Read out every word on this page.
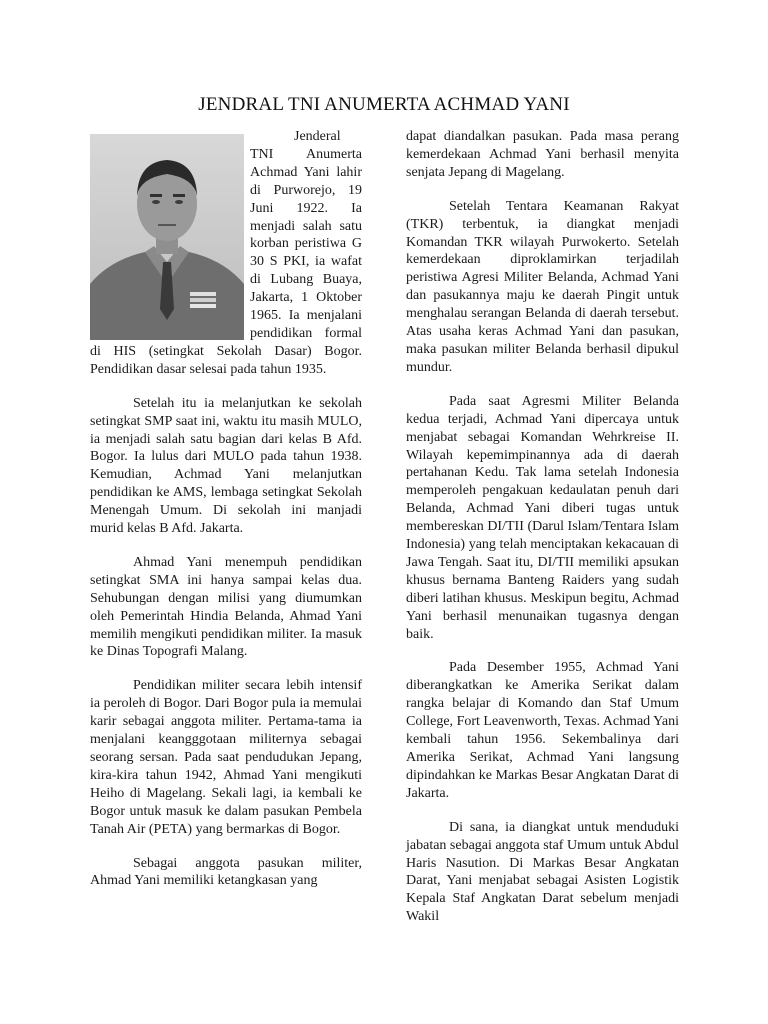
JENDRAL TNI ANUMERTA ACHMAD YANI

Jenderal TNI Anumerta Achmad Yani lahir di Purworejo, 19 Juni 1922. Ia menjadi salah satu korban peristiwa G 30 S PKI, ia wafat di Lubang Buaya, Jakarta, 1 Oktober 1965. Ia menjalani pendidikan formal di HIS (setingkat Sekolah Dasar) Bogor. Pendidikan dasar selesai pada tahun 1935.

Setelah itu ia melanjutkan ke sekolah setingkat SMP saat ini, waktu itu masih MULO, ia menjadi salah satu bagian dari kelas B Afd. Bogor. Ia lulus dari MULO pada tahun 1938. Kemudian, Achmad Yani melanjutkan pendidikan ke AMS, lembaga setingkat Sekolah Menengah Umum. Di sekolah ini manjadi murid kelas B Afd. Jakarta.

Ahmad Yani menempuh pendidikan setingkat SMA ini hanya sampai kelas dua. Sehubungan dengan milisi yang diumumkan oleh Pemerintah Hindia Belanda, Ahmad Yani memilih mengikuti pendidikan militer. Ia masuk ke Dinas Topografi Malang.

Pendidikan militer secara lebih intensif ia peroleh di Bogor. Dari Bogor pula ia memulai karir sebagai anggota militer. Pertama-tama ia menjalani keangggotaan militernya sebagai seorang sersan. Pada saat pendudukan Jepang, kira-kira tahun 1942, Ahmad Yani mengikuti Heiho di Magelang. Sekali lagi, ia kembali ke Bogor untuk masuk ke dalam pasukan Pembela Tanah Air (PETA) yang bermarkas di Bogor.

Sebagai anggota pasukan militer, Ahmad Yani memiliki ketangkasan yang

dapat diandalkan pasukan. Pada masa perang kemerdekaan Achmad Yani berhasil menyita senjata Jepang di Magelang.

Setelah Tentara Keamanan Rakyat (TKR) terbentuk, ia diangkat menjadi Komandan TKR wilayah Purwokerto. Setelah kemerdekaan diproklamirkan terjadilah peristiwa Agresi Militer Belanda, Achmad Yani dan pasukannya maju ke daerah Pingit untuk menghalau serangan Belanda di daerah tersebut. Atas usaha keras Achmad Yani dan pasukan, maka pasukan militer Belanda berhasil dipukul mundur.

Pada saat Agresmi Militer Belanda kedua terjadi, Achmad Yani dipercaya untuk menjabat sebagai Komandan Wehrkreise II. Wilayah kepemimpinannya ada di daerah pertahanan Kedu. Tak lama setelah Indonesia memperoleh pengakuan kedaulatan penuh dari Belanda, Achmad Yani diberi tugas untuk membereskan DI/TII (Darul Islam/Tentara Islam Indonesia) yang telah menciptakan kekacauan di Jawa Tengah. Saat itu, DI/TII memiliki apsukan khusus bernama Banteng Raiders yang sudah diberi latihan khusus. Meskipun begitu, Achmad Yani berhasil menunaikan tugasnya dengan baik.

Pada Desember 1955, Achmad Yani diberangkatkan ke Amerika Serikat dalam rangka belajar di Komando dan Staf Umum College, Fort Leavenworth, Texas. Achmad Yani kembali tahun 1956. Sekembalinya dari Amerika Serikat, Achmad Yani langsung dipindahkan ke Markas Besar Angkatan Darat di Jakarta.

Di sana, ia diangkat untuk menduduki jabatan sebagai anggota staf Umum untuk Abdul Haris Nasution. Di Markas Besar Angkatan Darat, Yani menjabat sebagai Asisten Logistik Kepala Staf Angkatan Darat sebelum menjadi Wakil
